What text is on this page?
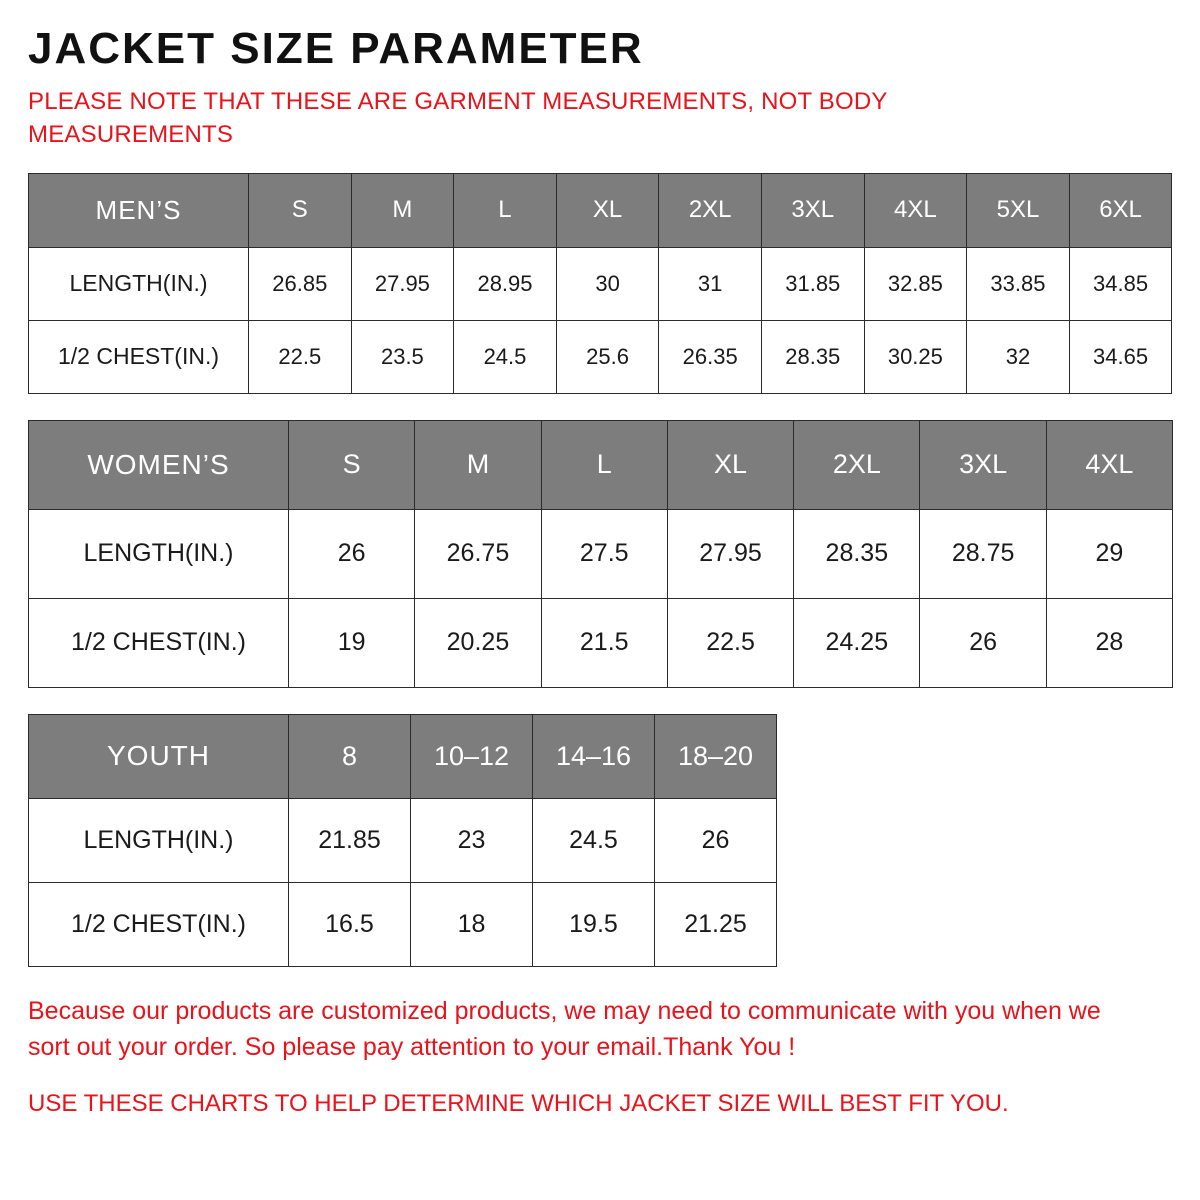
JACKET SIZE PARAMETER

PLEASE NOTE THAT THESE ARE GARMENT MEASUREMENTS, NOT BODY MEASUREMENTS

MEN’S	S	M	L	XL	2XL	3XL	4XL	5XL	6XL
LENGTH(IN.)	26.85	27.95	28.95	30	31	31.85	32.85	33.85	34.85
1/2 CHEST(IN.)	22.5	23.5	24.5	25.6	26.35	28.35	30.25	32	34.65
WOMEN’S	S	M	L	XL	2XL	3XL	4XL
LENGTH(IN.)	26	26.75	27.5	27.95	28.35	28.75	29
1/2 CHEST(IN.)	19	20.25	21.5	22.5	24.25	26	28
YOUTH	8	10–12	14–16	18–20
LENGTH(IN.)	21.85	23	24.5	26
1/2 CHEST(IN.)	16.5	18	19.5	21.25

Because our products are customized products, we may need to communicate with you when we sort out your order. So please pay attention to your email.Thank You !

USE THESE CHARTS TO HELP DETERMINE WHICH JACKET SIZE WILL BEST FIT YOU.
